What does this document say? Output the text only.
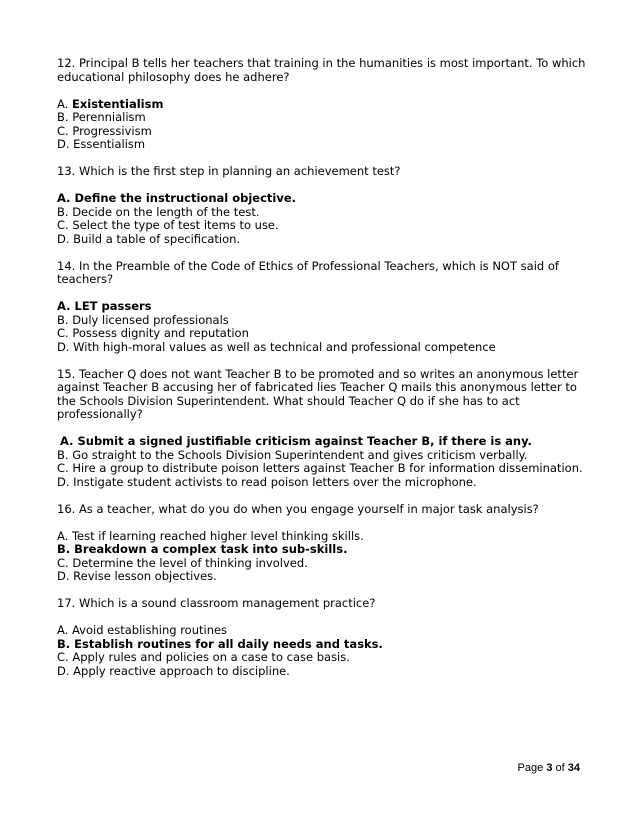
12. Principal B tells her teachers that training in the humanities is most important. To which educational philosophy does he adhere?
A. Existentialism
B. Perennialism
C. Progressivism
D. Essentialism
13. Which is the first step in planning an achievement test?
A. Define the instructional objective.
B. Decide on the length of the test.
C. Select the type of test items to use.
D. Build a table of specification.
14. In the Preamble of the Code of Ethics of Professional Teachers, which is NOT said of teachers?
A. LET passers
B. Duly licensed professionals
C. Possess dignity and reputation
D. With high-moral values as well as technical and professional competence
15. Teacher Q does not want Teacher B to be promoted and so writes an anonymous letter against Teacher B accusing her of fabricated lies Teacher Q mails this anonymous letter to the Schools Division Superintendent. What should Teacher Q do if she has to act professionally?
A. Submit a signed justifiable criticism against Teacher B, if there is any.
B. Go straight to the Schools Division Superintendent and gives criticism verbally.
C. Hire a group to distribute poison letters against Teacher B for information dissemination.
D. Instigate student activists to read poison letters over the microphone.
16. As a teacher, what do you do when you engage yourself in major task analysis?
A. Test if learning reached higher level thinking skills.
B. Breakdown a complex task into sub-skills.
C. Determine the level of thinking involved.
D. Revise lesson objectives.
17. Which is a sound classroom management practice?
A. Avoid establishing routines
B. Establish routines for all daily needs and tasks.
C. Apply rules and policies on a case to case basis.
D. Apply reactive approach to discipline.
Page 3 of 34
